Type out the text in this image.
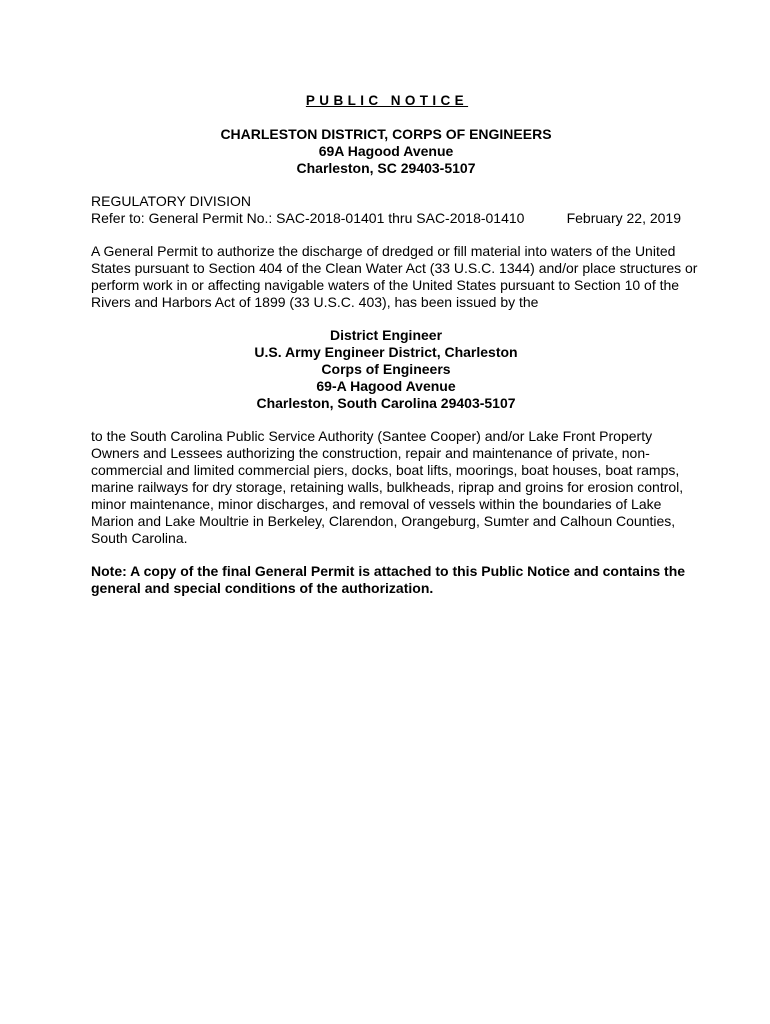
PUBLIC NOTICE
CHARLESTON DISTRICT, CORPS OF ENGINEERS
69A Hagood Avenue
Charleston, SC 29403-5107
REGULATORY DIVISION
Refer to: General Permit No.: SAC-2018-01401 thru SAC-2018-01410	February 22, 2019
A General Permit to authorize the discharge of dredged or fill material into waters of the United
States pursuant to Section 404 of the Clean Water Act (33 U.S.C. 1344) and/or place structures or
perform work in or affecting navigable waters of the United States pursuant to Section 10 of the
Rivers and Harbors Act of 1899 (33 U.S.C. 403), has been issued by the
District Engineer
U.S. Army Engineer District, Charleston
Corps of Engineers
69-A Hagood Avenue
Charleston, South Carolina 29403-5107
to the South Carolina Public Service Authority (Santee Cooper) and/or Lake Front Property
Owners and Lessees authorizing the construction, repair and maintenance of private, non-
commercial and limited commercial piers, docks, boat lifts, moorings, boat houses, boat ramps,
marine railways for dry storage, retaining walls, bulkheads, riprap and groins for erosion control,
minor maintenance, minor discharges, and removal of vessels within the boundaries of Lake
Marion and Lake Moultrie in Berkeley, Clarendon, Orangeburg, Sumter and Calhoun Counties,
South Carolina.
Note: A copy of the final General Permit is attached to this Public Notice and contains the
general and special conditions of the authorization.
